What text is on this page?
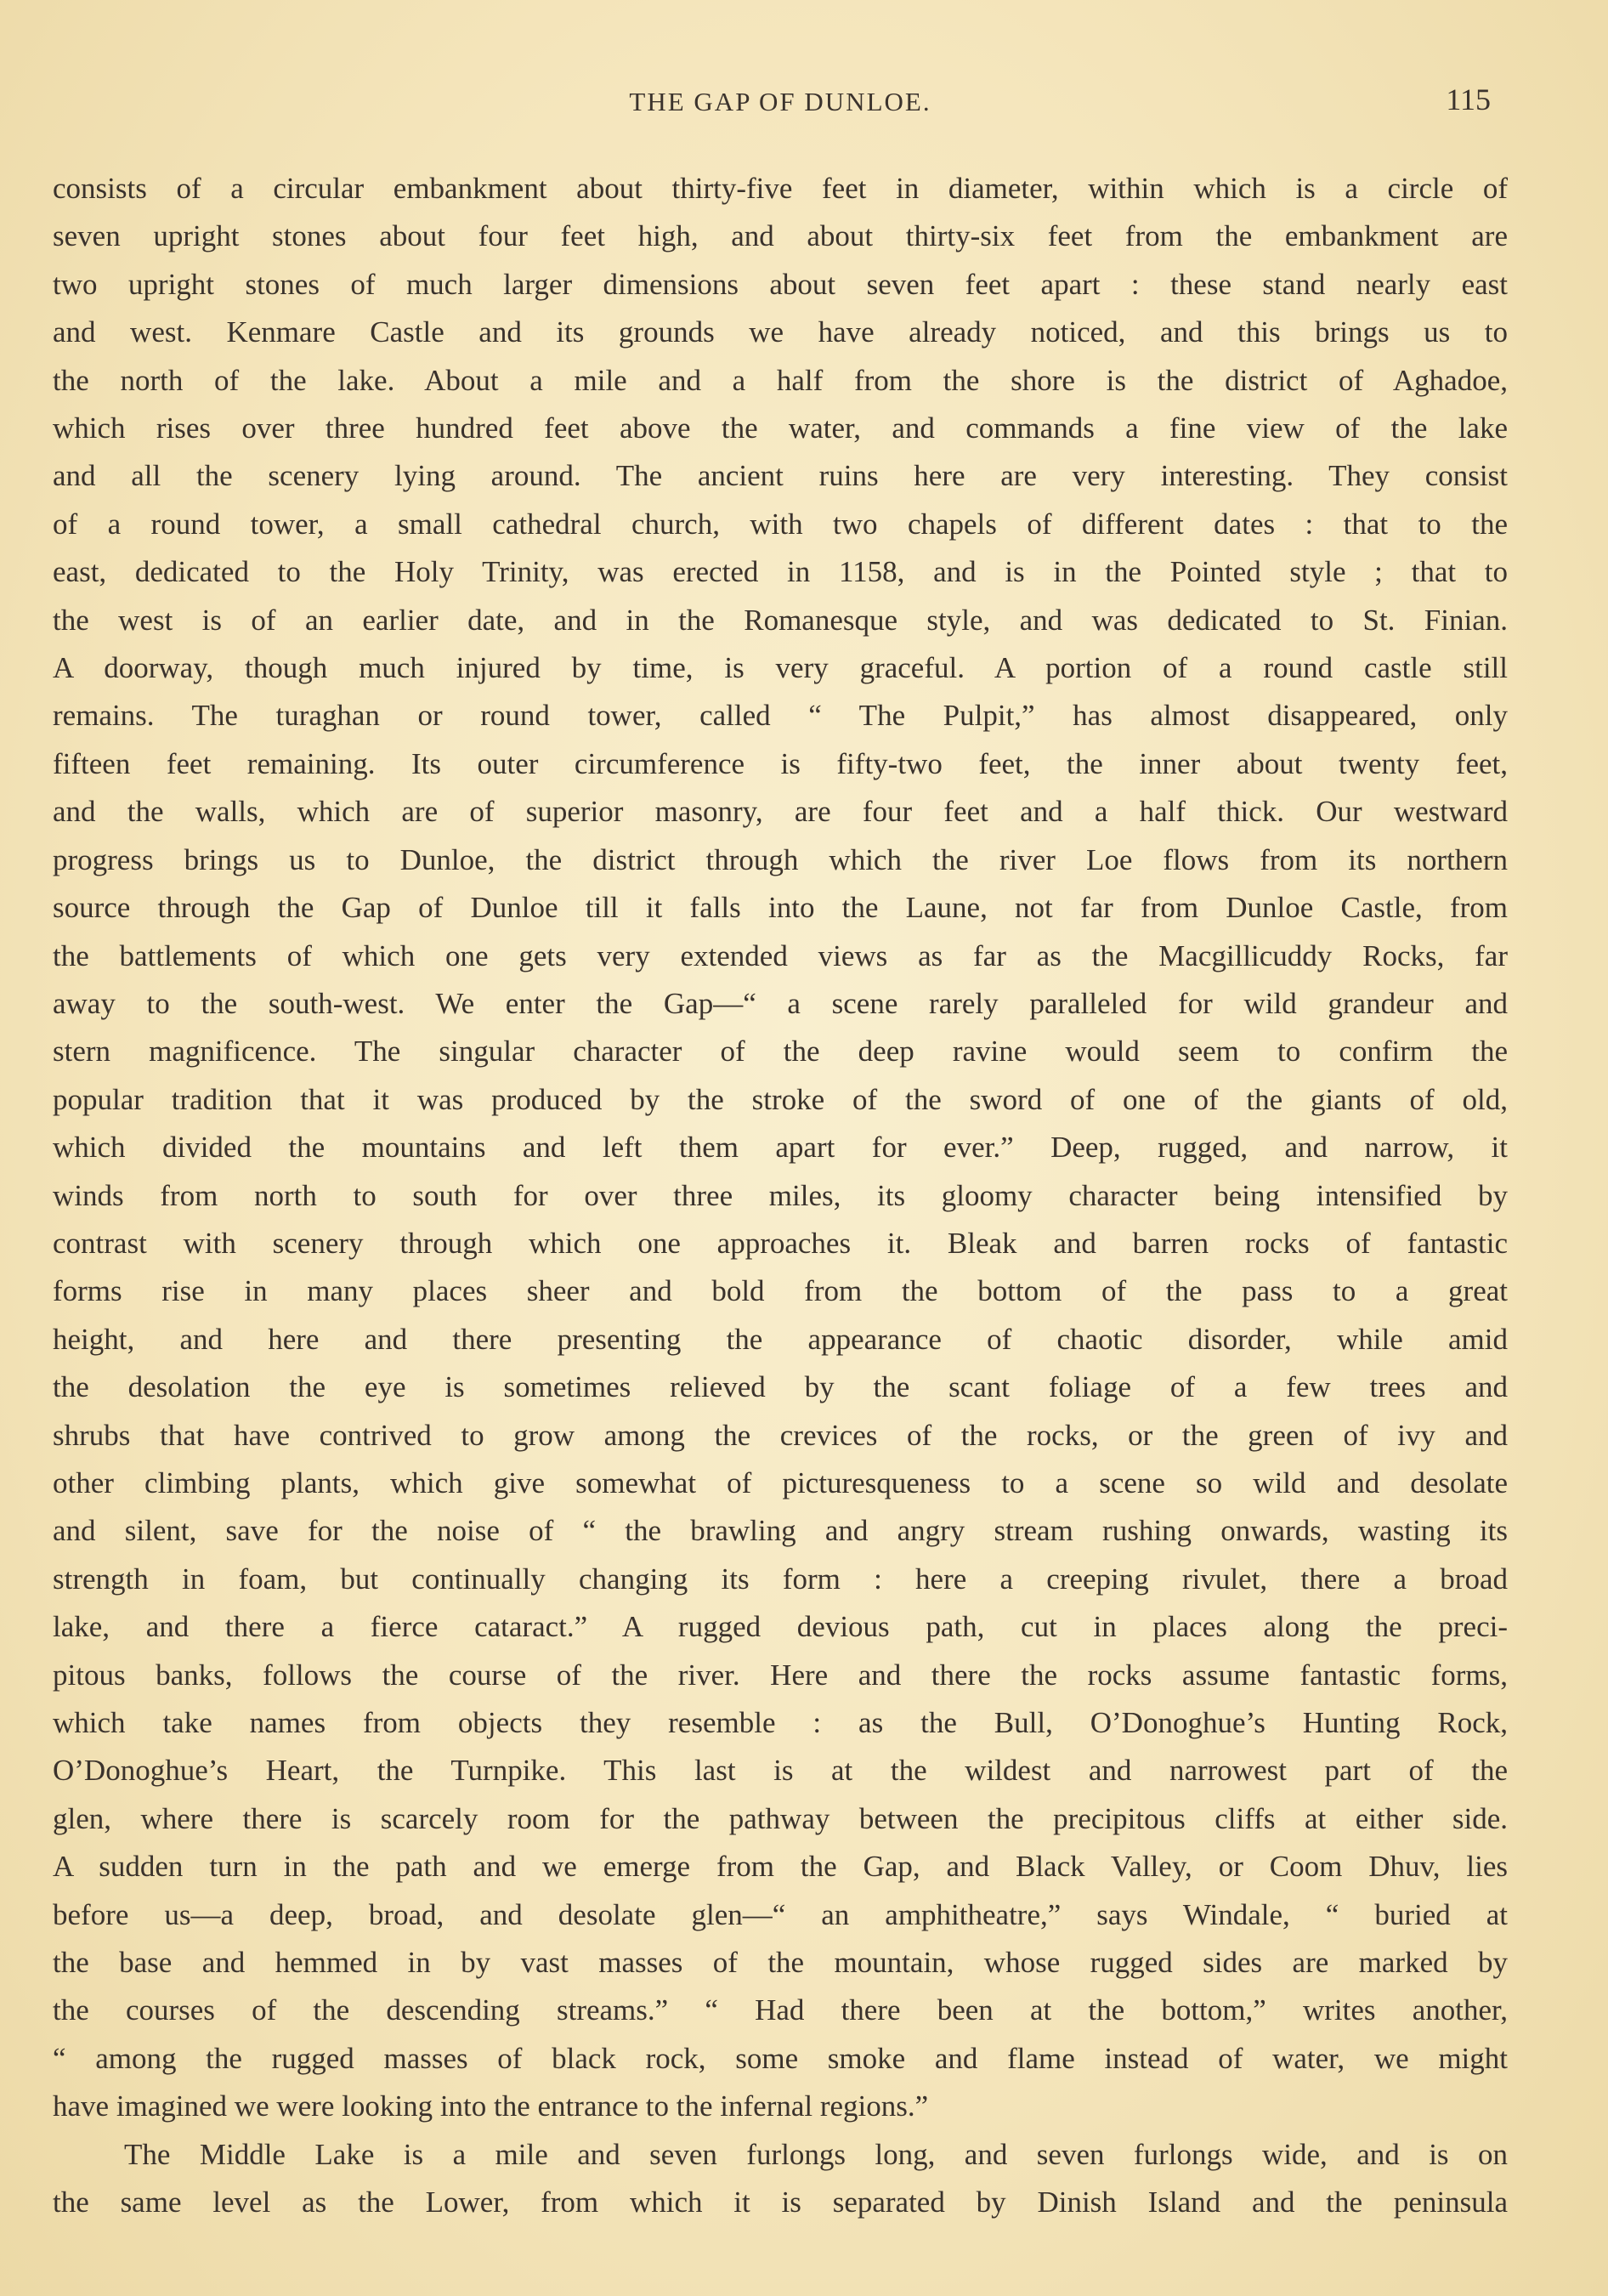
THE GAP OF DUNLOE.	115

consists of a circular embankment about thirty-five feet in diameter, within which is a circle of
seven upright stones about four feet high, and about thirty-six feet from the embankment are
two upright stones of much larger dimensions about seven feet apart : these stand nearly east
and west. Kenmare Castle and its grounds we have already noticed, and this brings us to
the north of the lake. About a mile and a half from the shore is the district of Aghadoe,
which rises over three hundred feet above the water, and commands a fine view of the lake
and all the scenery lying around. The ancient ruins here are very interesting. They consist
of a round tower, a small cathedral church, with two chapels of different dates : that to the
east, dedicated to the Holy Trinity, was erected in 1158, and is in the Pointed style ; that to
the west is of an earlier date, and in the Romanesque style, and was dedicated to St. Finian.
A doorway, though much injured by time, is very graceful. A portion of a round castle still
remains. The turaghan or round tower, called “ The Pulpit,” has almost disappeared, only
fifteen feet remaining. Its outer circumference is fifty-two feet, the inner about twenty feet,
and the walls, which are of superior masonry, are four feet and a half thick. Our westward
progress brings us to Dunloe, the district through which the river Loe flows from its northern
source through the Gap of Dunloe till it falls into the Laune, not far from Dunloe Castle, from
the battlements of which one gets very extended views as far as the Macgillicuddy Rocks, far
away to the south-west. We enter the Gap—“ a scene rarely paralleled for wild grandeur and
stern magnificence. The singular character of the deep ravine would seem to confirm the
popular tradition that it was produced by the stroke of the sword of one of the giants of old,
which divided the mountains and left them apart for ever.” Deep, rugged, and narrow, it
winds from north to south for over three miles, its gloomy character being intensified by
contrast with scenery through which one approaches it. Bleak and barren rocks of fantastic
forms rise in many places sheer and bold from the bottom of the pass to a great
height, and here and there presenting the appearance of chaotic disorder, while amid
the desolation the eye is sometimes relieved by the scant foliage of a few trees and
shrubs that have contrived to grow among the crevices of the rocks, or the green of ivy and
other climbing plants, which give somewhat of picturesqueness to a scene so wild and desolate
and silent, save for the noise of “ the brawling and angry stream rushing onwards, wasting its
strength in foam, but continually changing its form : here a creeping rivulet, there a broad
lake, and there a fierce cataract.” A rugged devious path, cut in places along the preci-
pitous banks, follows the course of the river. Here and there the rocks assume fantastic forms,
which take names from objects they resemble : as the Bull, O’Donoghue’s Hunting Rock,
O’Donoghue’s Heart, the Turnpike. This last is at the wildest and narrowest part of the
glen, where there is scarcely room for the pathway between the precipitous cliffs at either side.
A sudden turn in the path and we emerge from the Gap, and Black Valley, or Coom Dhuv, lies
before us—a deep, broad, and desolate glen—“ an amphitheatre,” says Windale, “ buried at
the base and hemmed in by vast masses of the mountain, whose rugged sides are marked by
the courses of the descending streams.” “ Had there been at the bottom,” writes another,
“ among the rugged masses of black rock, some smoke and flame instead of water, we might
have imagined we were looking into the entrance to the infernal regions.”

The Middle Lake is a mile and seven furlongs long, and seven furlongs wide, and is on
the same level as the Lower, from which it is separated by Dinish Island and the peninsula
